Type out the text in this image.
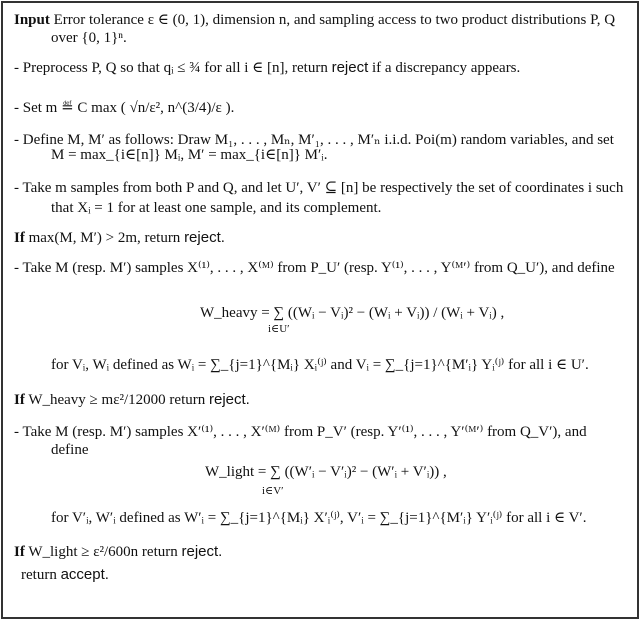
Input Error tolerance ε ∈ (0, 1), dimension n, and sampling access to two product distributions P, Q
over {0, 1}ⁿ.
- Preprocess P, Q so that qᵢ ≤ ¾ for all i ∈ [n], return reject if a discrepancy appears.
- Set m ≝ C max ( √n/ε², n^(3/4)/ε ).
- Define M, M′ as follows: Draw M₁, . . . , Mₙ, M′₁, . . . , M′ₙ i.i.d. Poi(m) random variables, and set
M = max_{i∈[n]} Mᵢ, M′ = max_{i∈[n]} M′ᵢ.
- Take m samples from both P and Q, and let U′, V′ ⊆ [n] be respectively the set of coordinates i such
that Xᵢ = 1 for at least one sample, and its complement.
If max(M, M′) > 2m, return reject.
- Take M (resp. M′) samples X⁽¹⁾, . . . , X⁽ᴹ⁾ from P_U′ (resp. Y⁽¹⁾, . . . , Y⁽ᴹ′⁾ from Q_U′), and define
W_heavy = ∑ ((Wᵢ − Vᵢ)² − (Wᵢ + Vᵢ)) / (Wᵢ + Vᵢ) ,
i∈U′
for Vᵢ, Wᵢ defined as Wᵢ = ∑_{j=1}^{Mᵢ} Xᵢ⁽ʲ⁾ and Vᵢ = ∑_{j=1}^{M′ᵢ} Yᵢ⁽ʲ⁾ for all i ∈ U′.
If W_heavy ≥ mε²/12000 return reject.
- Take M (resp. M′) samples X′⁽¹⁾, . . . , X′⁽ᴹ⁾ from P_V′ (resp. Y′⁽¹⁾, . . . , Y′⁽ᴹ′⁾ from Q_V′), and
define
W_light = ∑ ((W′ᵢ − V′ᵢ)² − (W′ᵢ + V′ᵢ)) ,
i∈V′
for V′ᵢ, W′ᵢ defined as W′ᵢ = ∑_{j=1}^{Mᵢ} X′ᵢ⁽ʲ⁾, V′ᵢ = ∑_{j=1}^{M′ᵢ} Y′ᵢ⁽ʲ⁾ for all i ∈ V′.
If W_light ≥ ε²/600n return reject.
return accept.
